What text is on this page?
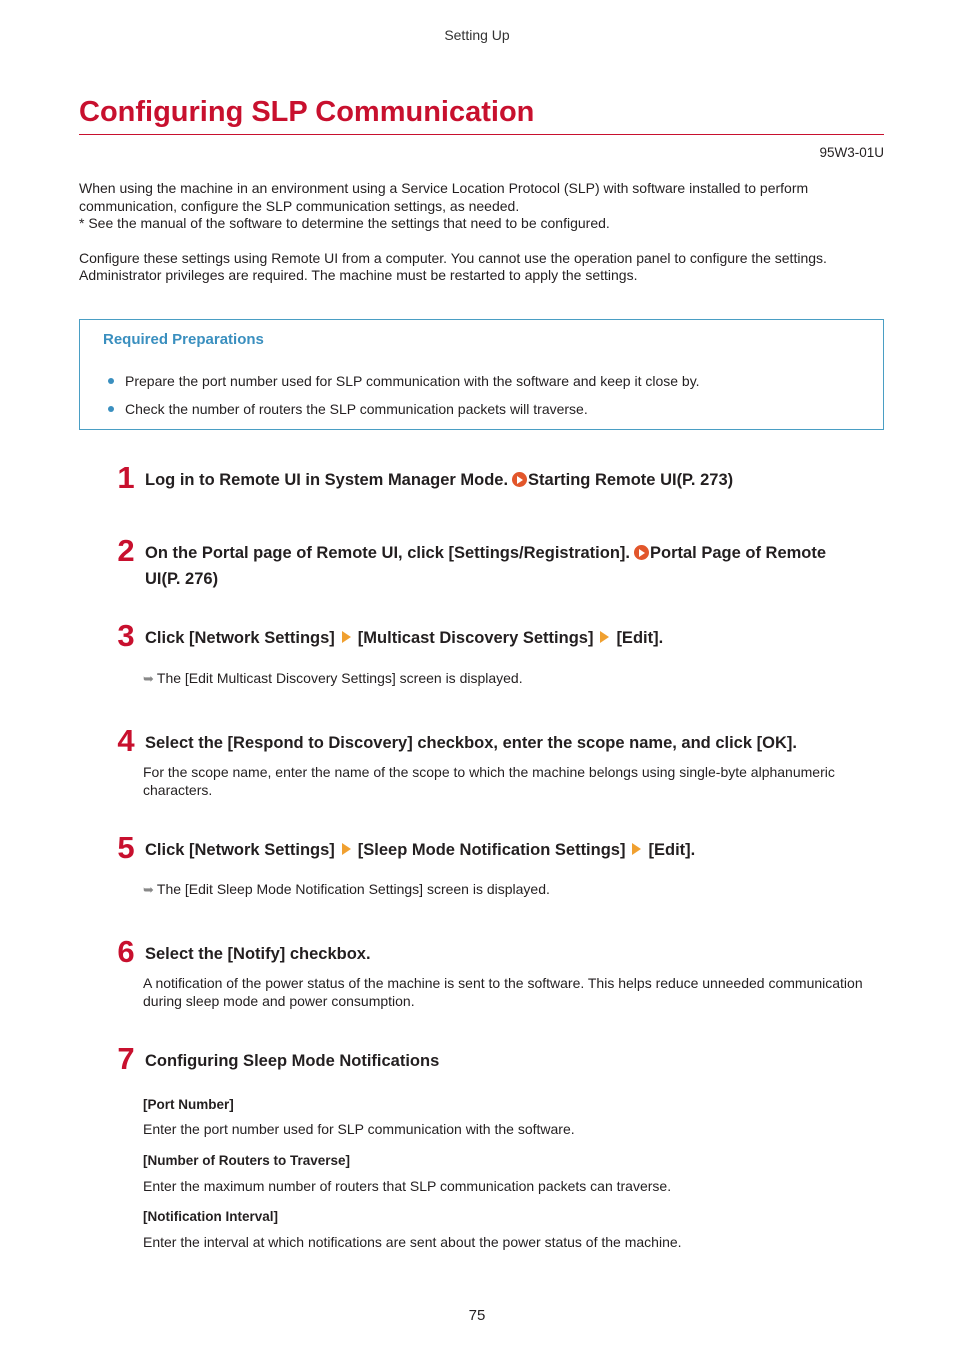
Setting Up
Configuring SLP Communication
95W3-01U

When using the machine in an environment using a Service Location Protocol (SLP) with software installed to perform communication, configure the SLP communication settings, as needed.

* See the manual of the software to determine the settings that need to be configured.

Configure these settings using Remote UI from a computer. You cannot use the operation panel to configure the settings.

Administrator privileges are required. The machine must be restarted to apply the settings.

Required Preparations
Prepare the port number used for SLP communication with the software and keep it close by.
Check the number of routers the SLP communication packets will traverse.
1 Log in to Remote UI in System Manager Mode. Starting Remote UI(P. 273)
2 On the Portal page of Remote UI, click [Settings/Registration]. Portal Page of Remote UI(P. 276)
3 Click [Network Settings] [Multicast Discovery Settings] [Edit].
➥ The [Edit Multicast Discovery Settings] screen is displayed.
4 Select the [Respond to Discovery] checkbox, enter the scope name, and click [OK].
For the scope name, enter the name of the scope to which the machine belongs using single-byte alphanumeric characters.
5 Click [Network Settings] [Sleep Mode Notification Settings] [Edit].
➥ The [Edit Sleep Mode Notification Settings] screen is displayed.
6 Select the [Notify] checkbox.
A notification of the power status of the machine is sent to the software. This helps reduce unneeded communication during sleep mode and power consumption.
7 Configuring Sleep Mode Notifications
[Port Number]
Enter the port number used for SLP communication with the software.
[Number of Routers to Traverse]
Enter the maximum number of routers that SLP communication packets can traverse.
[Notification Interval]
Enter the interval at which notifications are sent about the power status of the machine.
75
